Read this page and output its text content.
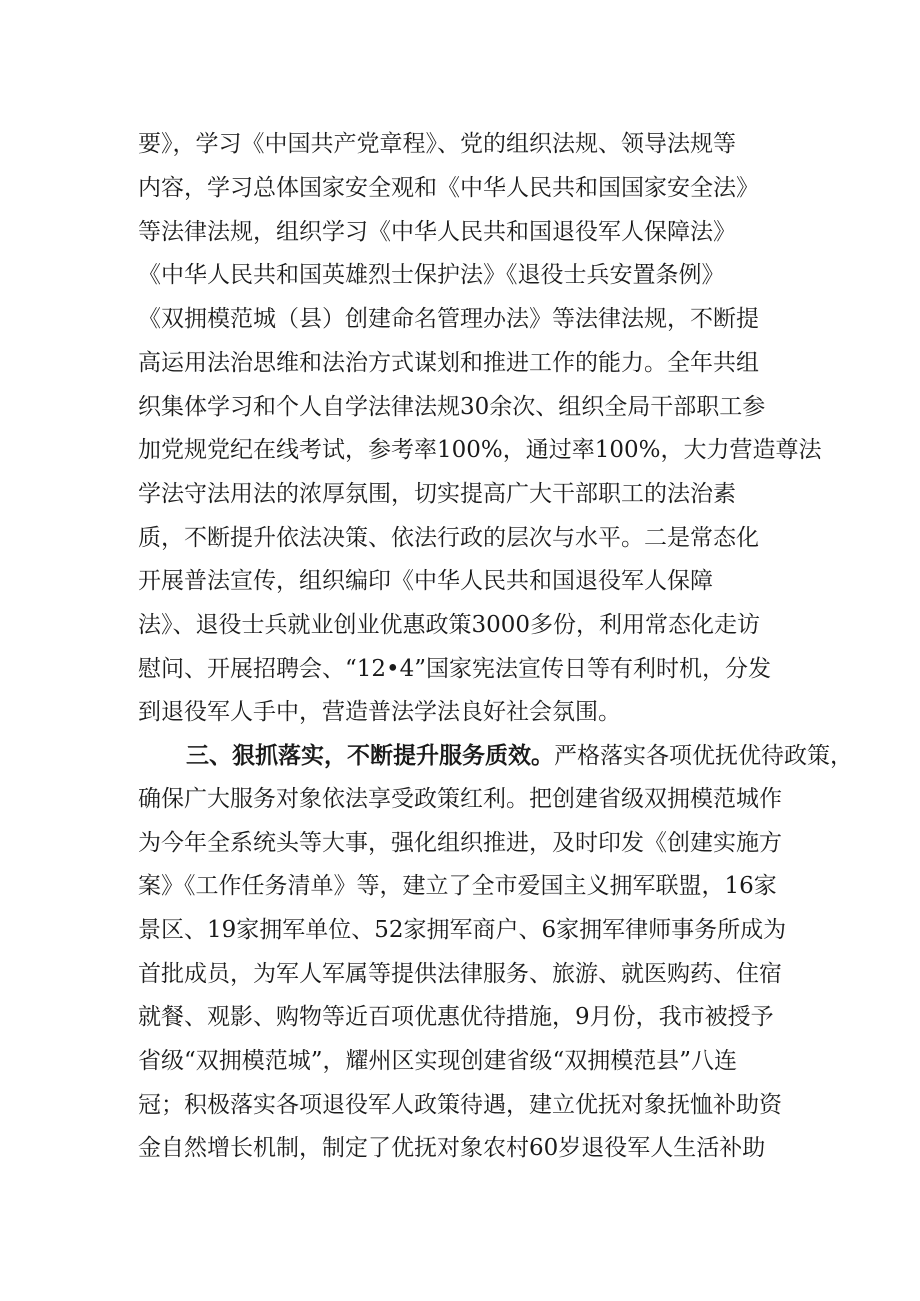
要》，学习《中国共产党章程》、党的组织法规、领导法规等
内容，学习总体国家安全观和《中华人民共和国国家安全法》
等法律法规，组织学习《中华人民共和国退役军人保障法》
《中华人民共和国英雄烈士保护法》《退役士兵安置条例》
《双拥模范城（县）创建命名管理办法》等法律法规，不断提
高运用法治思维和法治方式谋划和推进工作的能力。全年共组
织集体学习和个人自学法律法规30余次、组织全局干部职工参
加党规党纪在线考试，参考率100%，通过率100%，大力营造尊法
学法守法用法的浓厚氛围，切实提高广大干部职工的法治素
质，不断提升依法决策、依法行政的层次与水平。二是常态化
开展普法宣传，组织编印《中华人民共和国退役军人保障
法》、退役士兵就业创业优惠政策3000多份，利用常态化走访
慰问、开展招聘会、“12•4”国家宪法宣传日等有利时机，分发
到退役军人手中，营造普法学法良好社会氛围。
三、狠抓落实，不断提升服务质效。严格落实各项优抚优待政策，
确保广大服务对象依法享受政策红利。把创建省级双拥模范城作
为今年全系统头等大事，强化组织推进，及时印发《创建实施方
案》《工作任务清单》等，建立了全市爱国主义拥军联盟，16家
景区、19家拥军单位、52家拥军商户、6家拥军律师事务所成为
首批成员，为军人军属等提供法律服务、旅游、就医购药、住宿
就餐、观影、购物等近百项优惠优待措施，9月份，我市被授予
省级“双拥模范城”，耀州区实现创建省级“双拥模范县”八连
冠；积极落实各项退役军人政策待遇，建立优抚对象抚恤补助资
金自然增长机制，制定了优抚对象农村60岁退役军人生活补助
